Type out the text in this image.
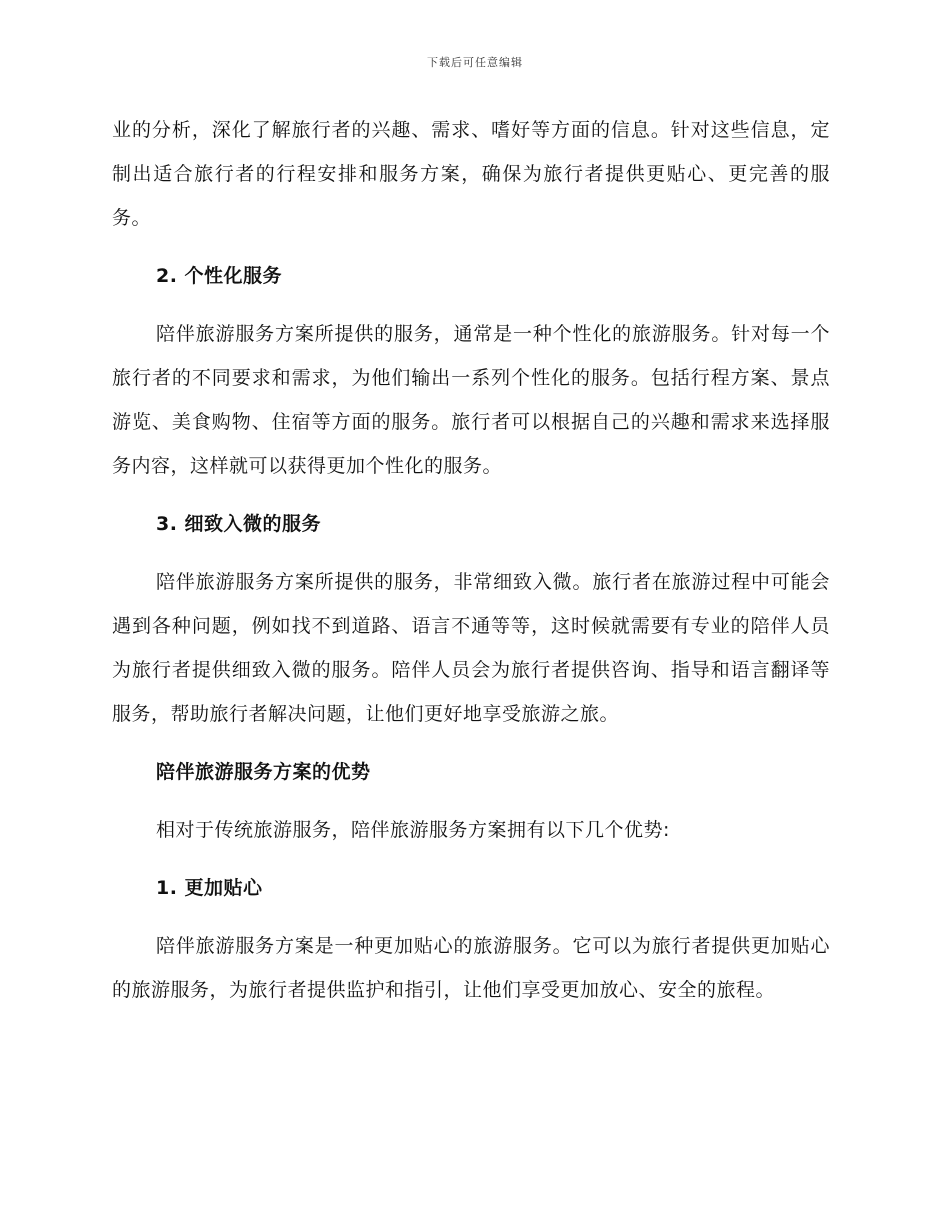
下载后可任意编辑

业的分析，深化了解旅行者的兴趣、需求、嗜好等方面的信息。针对这些信息，定制出适合旅行者的行程安排和服务方案，确保为旅行者提供更贴心、更完善的服务。

2. 个性化服务

陪伴旅游服务方案所提供的服务，通常是一种个性化的旅游服务。针对每一个旅行者的不同要求和需求，为他们输出一系列个性化的服务。包括行程方案、景点游览、美食购物、住宿等方面的服务。旅行者可以根据自己的兴趣和需求来选择服务内容，这样就可以获得更加个性化的服务。

3. 细致入微的服务

陪伴旅游服务方案所提供的服务，非常细致入微。旅行者在旅游过程中可能会遇到各种问题，例如找不到道路、语言不通等等，这时候就需要有专业的陪伴人员为旅行者提供细致入微的服务。陪伴人员会为旅行者提供咨询、指导和语言翻译等服务，帮助旅行者解决问题，让他们更好地享受旅游之旅。

陪伴旅游服务方案的优势

相对于传统旅游服务，陪伴旅游服务方案拥有以下几个优势:

1. 更加贴心

陪伴旅游服务方案是一种更加贴心的旅游服务。它可以为旅行者提供更加贴心的旅游服务，为旅行者提供监护和指引，让他们享受更加放心、安全的旅程。
